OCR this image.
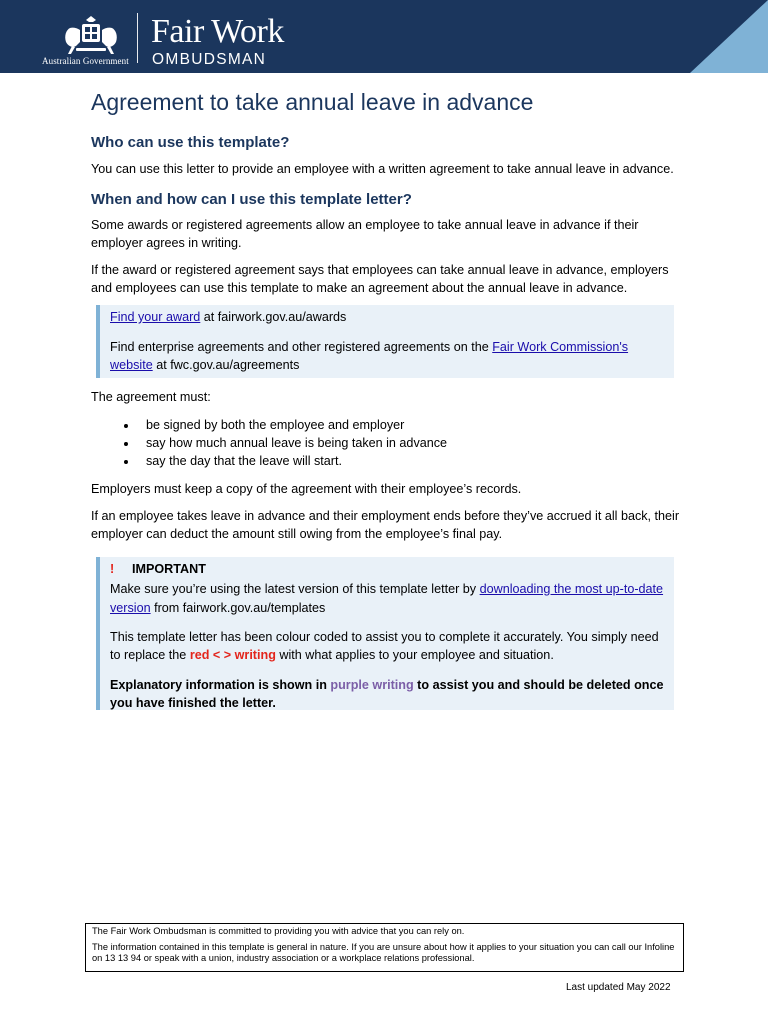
Australian Government
Fair Work
OMBUDSMAN
Agreement to take annual leave in advance
Who can use this template?

You can use this letter to provide an employee with a written agreement to take annual leave in advance.

When and how can I use this template letter?

Some awards or registered agreements allow an employee to take annual leave in advance if their employer agrees in writing.

If the award or registered agreement says that employees can take annual leave in advance, employers and employees can use this template to make an agreement about the annual leave in advance.

Find your award at fairwork.gov.au/awards

Find enterprise agreements and other registered agreements on the Fair Work Commission's website at fwc.gov.au/agreements

The agreement must:

• be signed by both the employee and employer
• say how much annual leave is being taken in advance
• say the day that the leave will start.

Employers must keep a copy of the agreement with their employee’s records.

If an employee takes leave in advance and their employment ends before they’ve accrued it all back, their employer can deduct the amount still owing from the employee’s final pay.

! IMPORTANT

Make sure you’re using the latest version of this template letter by downloading the most up-to-date version from fairwork.gov.au/templates

This template letter has been colour coded to assist you to complete it accurately. You simply need to replace the red < > writing with what applies to your employee and situation.

Explanatory information is shown in purple writing to assist you and should be deleted once you have finished the letter.

The Fair Work Ombudsman is committed to providing you with advice that you can rely on.

The information contained in this template is general in nature. If you are unsure about how it applies to your situation you can call our Infoline on 13 13 94 or speak with a union, industry association or a workplace relations professional.

Last updated May 2022
